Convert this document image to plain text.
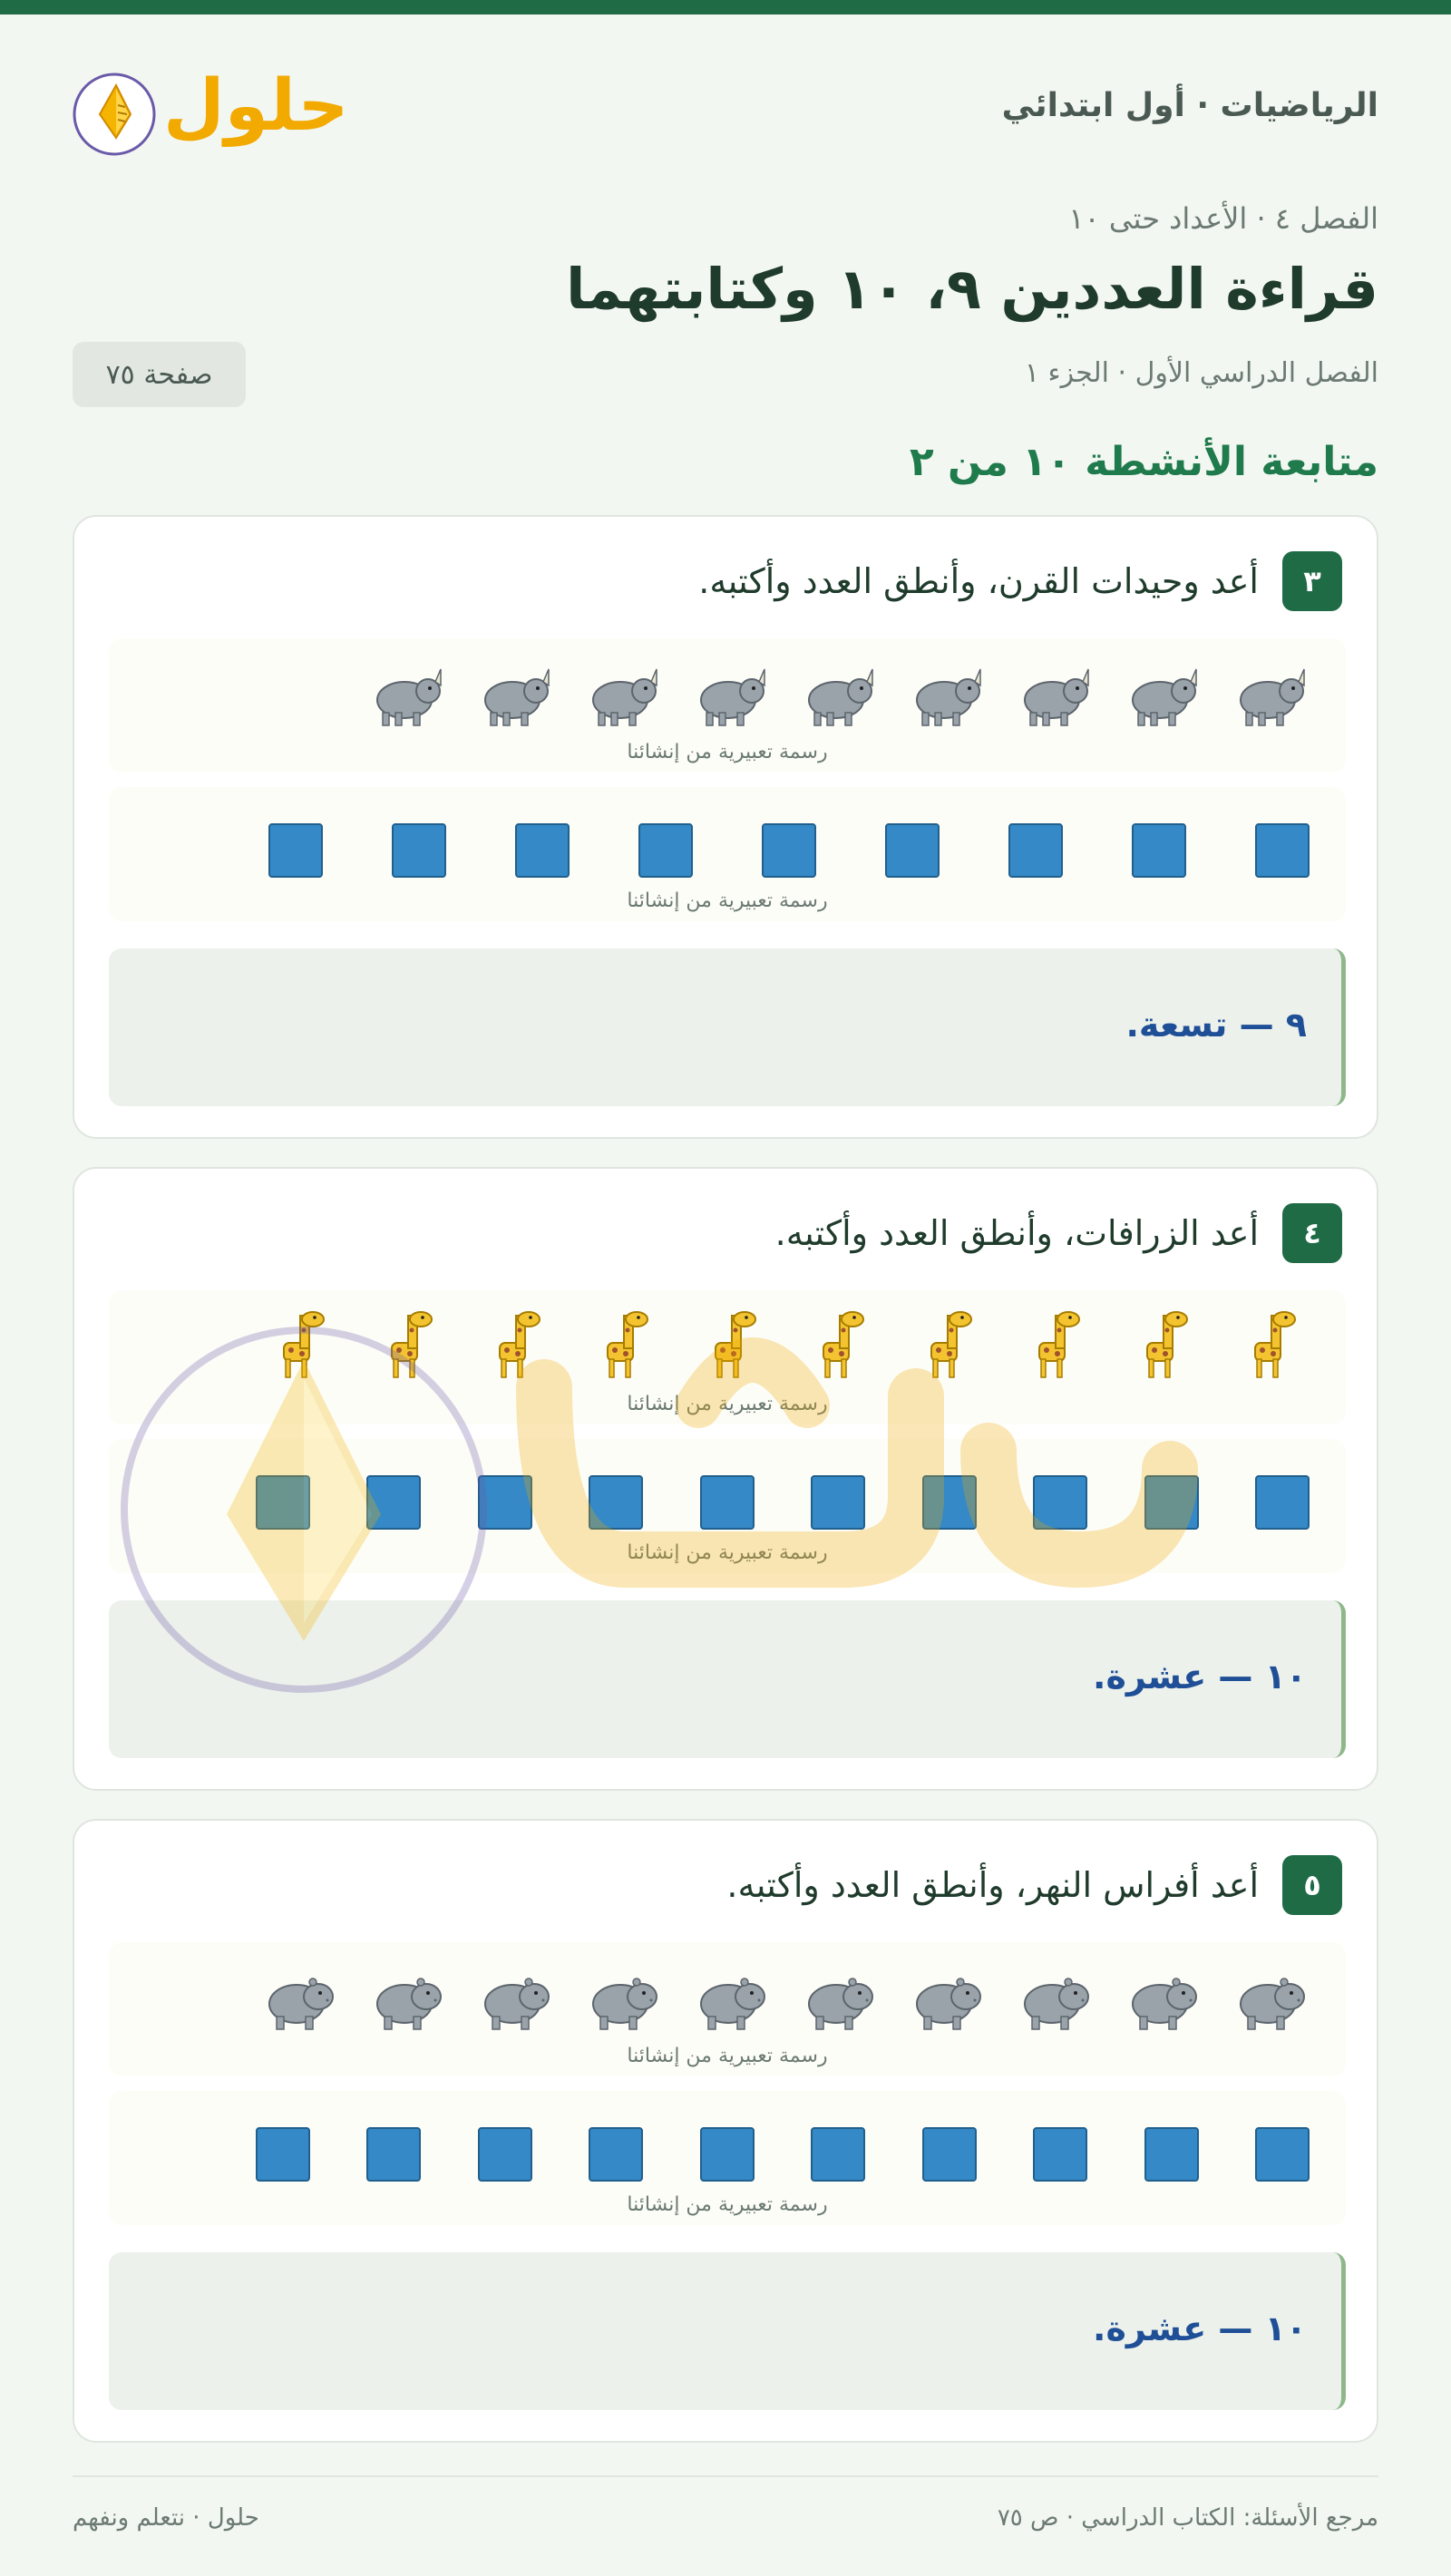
الرياضيات · أول ابتدائي
حلول
الفصل ٤ · الأعداد حتى ١٠
قراءة العددين ٩، ١٠ وكتابتهما
الفصل الدراسي الأول · الجزء ١
صفحة ٧٥
متابعة الأنشطة ١٠ من ٢
٣
أعد وحيدات القرن، وأنطق العدد وأكتبه.
رسمة تعبيرية من إنشائنا
رسمة تعبيرية من إنشائنا
٩ — تسعة.
٤
أعد الزرافات، وأنطق العدد وأكتبه.
رسمة تعبيرية من إنشائنا
رسمة تعبيرية من إنشائنا
١٠ — عشرة.
٥
أعد أفراس النهر، وأنطق العدد وأكتبه.
رسمة تعبيرية من إنشائنا
رسمة تعبيرية من إنشائنا
١٠ — عشرة.
مرجع الأسئلة: الكتاب الدراسي · ص ٧٥
حلول · نتعلم ونفهم
